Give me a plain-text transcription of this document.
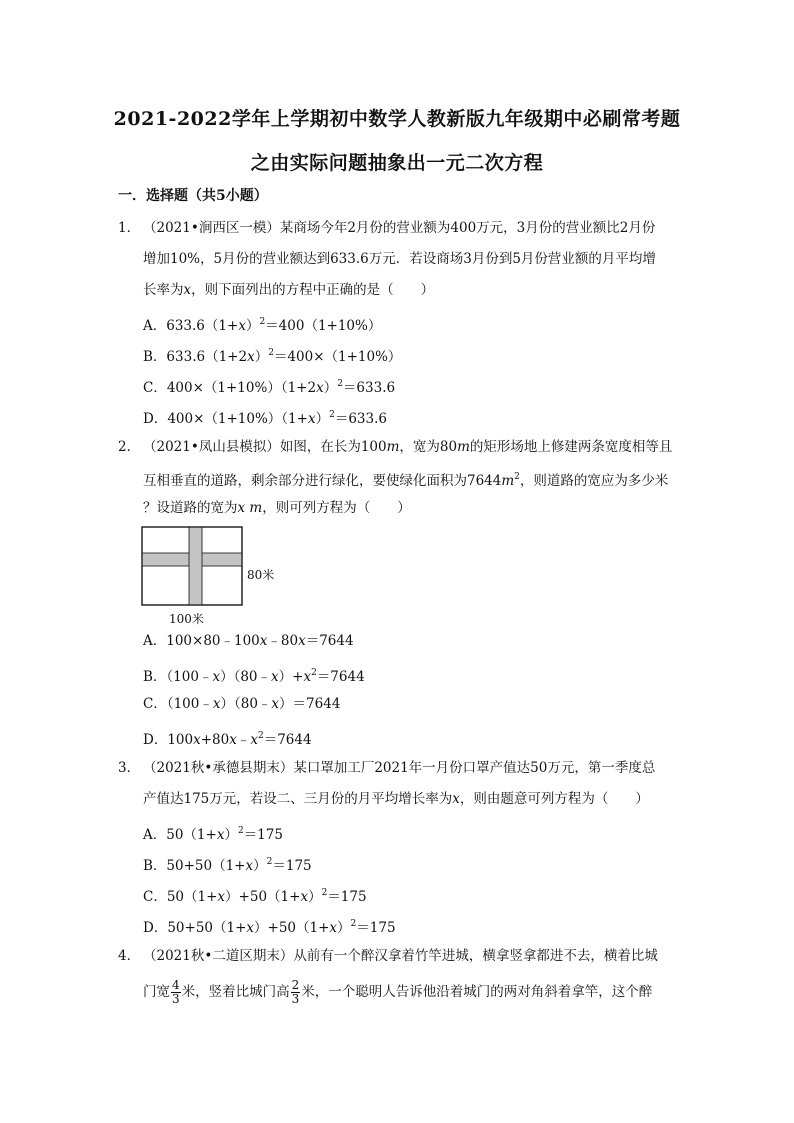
2021-2022学年上学期初中数学人教新版九年级期中必刷常考题
之由实际问题抽象出一元二次方程
一．选择题（共5小题）
1． （2021•涧西区一模）某商场今年2月份的营业额为400万元，3月份的营业额比2月份
增加10%，5月份的营业额达到633.6万元．若设商场3月份到5月份营业额的月平均增
长率为x，则下面列出的方程中正确的是（　　）
A．$633.6(1+x)^2=400(1+10\%)$
B．$633.6(1+2x)^2=400\times(1+10\%)$
C．$400\times(1+10\%)(1+2x)^2=633.6$
D．$400\times(1+10\%)(1+x)^2=633.6$
2． （2021•凤山县模拟）如图，在长为100m，宽为80m的矩形场地上修建两条宽度相等且
互相垂直的道路，剩余部分进行绿化，要使绿化面积为$7644m^2$，则道路的宽应为多少米
？设道路的宽为x m，则可列方程为（　　）
80米
100米
A．100×80﹣100x﹣80x＝7644
B．$(100﹣x)(80﹣x)+x^2=7644$
C．（100﹣x）（80﹣x）＝7644
D．$100x+80x﹣x^2=7644$
3． （2021秋•承德县期末）某口罩加工厂2021年一月份口罩产值达50万元，第一季度总
产值达175万元，若设二、三月份的月平均增长率为x，则由题意可列方程为（　　）
A．$50(1+x)^2=175$
B．$50+50(1+x)^2=175$
C．$50(1+x)+50(1+x)^2=175$
D．$50+50(1+x)+50(1+x)^2=175$
4． （2021秋•二道区期末）从前有一个醉汉拿着竹竿进城，横拿竖拿都进不去，横着比城
门宽 $\frac{4}{3}$ 米，竖着比城门高 $\frac{2}{3}$ 米，一个聪明人告诉他沿着城门的两对角斜着拿竿，这个醉
